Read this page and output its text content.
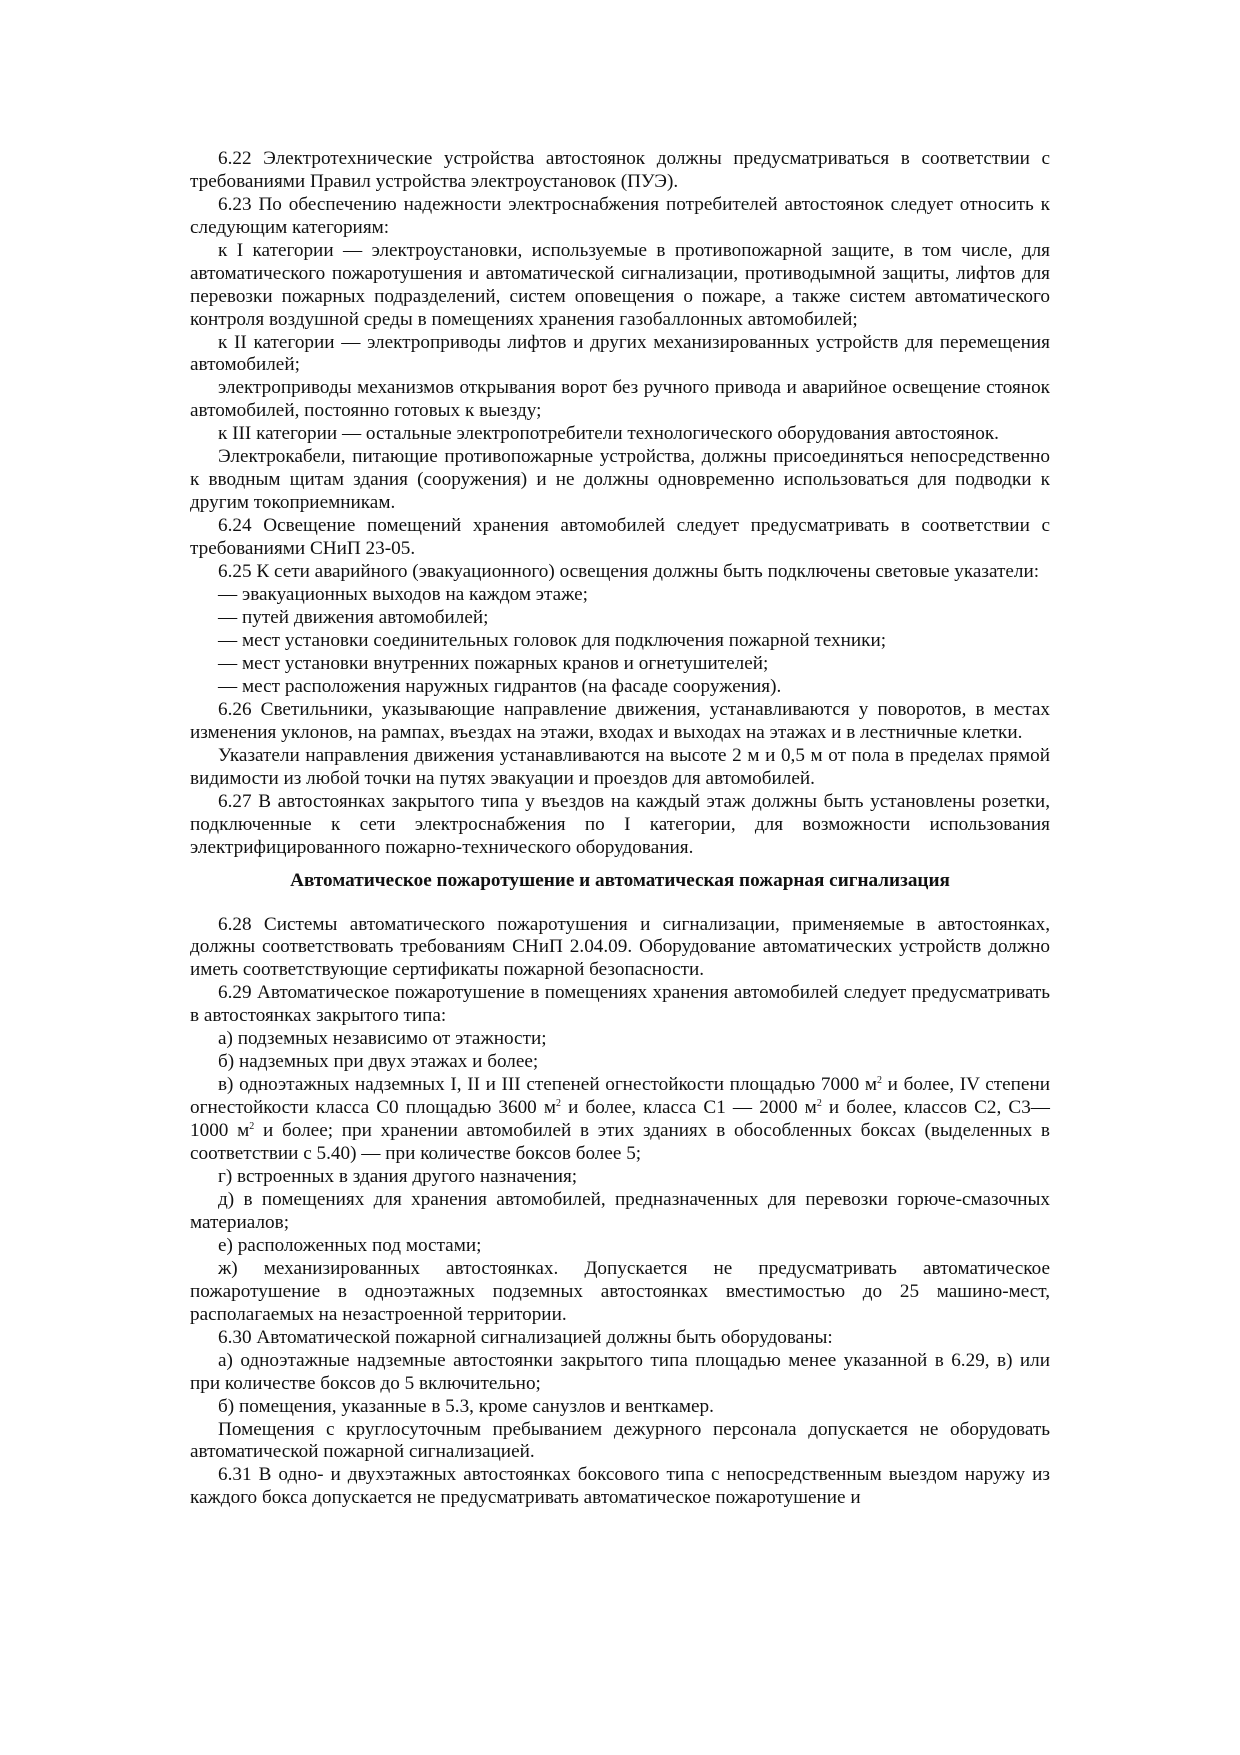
6.22 Электротехнические устройства автостоянок должны предусматриваться в соответствии с требованиями Правил устройства электроустановок (ПУЭ).

6.23 По обеспечению надежности электроснабжения потребителей автостоянок следует относить к следующим категориям:

к I категории — электроустановки, используемые в противопожарной защите, в том числе, для автоматического пожаротушения и автоматической сигнализации, противодымной защиты, лифтов для перевозки пожарных подразделений, систем оповещения о пожаре, а также систем автоматического контроля воздушной среды в помещениях хранения газобаллонных автомобилей;

к II категории — электроприводы лифтов и других механизированных устройств для перемещения автомобилей;

электроприводы механизмов открывания ворот без ручного привода и аварийное освещение стоянок автомобилей, постоянно готовых к выезду;

к III категории — остальные электропотребители технологического оборудования автостоянок.

Электрокабели, питающие противопожарные устройства, должны присоединяться непосредственно к вводным щитам здания (сооружения) и не должны одновременно использоваться для подводки к другим токоприемникам.

6.24 Освещение помещений хранения автомобилей следует предусматривать в соответствии с требованиями СНиП 23-05.

6.25 К сети аварийного (эвакуационного) освещения должны быть подключены световые указатели:

— эвакуационных выходов на каждом этаже;

— путей движения автомобилей;

— мест установки соединительных головок для подключения пожарной техники;

— мест установки внутренних пожарных кранов и огнетушителей;

— мест расположения наружных гидрантов (на фасаде сооружения).

6.26 Светильники, указывающие направление движения, устанавливаются у поворотов, в местах изменения уклонов, на рампах, въездах на этажи, входах и выходах на этажах и в лестничные клетки.

Указатели направления движения устанавливаются на высоте 2 м и 0,5 м от пола в пределах прямой видимости из любой точки на путях эвакуации и проездов для автомобилей.

6.27 В автостоянках закрытого типа у въездов на каждый этаж должны быть установлены розетки, подключенные к сети электроснабжения по I категории, для возможности использования электрифицированного пожарно-технического оборудования.

Автоматическое пожаротушение и автоматическая пожарная сигнализация

6.28 Системы автоматического пожаротушения и сигнализации, применяемые в автостоянках, должны соответствовать требованиям СНиП 2.04.09. Оборудование автоматических устройств должно иметь соответствующие сертификаты пожарной безопасности.

6.29 Автоматическое пожаротушение в помещениях хранения автомобилей следует предусматривать в автостоянках закрытого типа:

а) подземных независимо от этажности;

б) надземных при двух этажах и более;

в) одноэтажных надземных I, II и III степеней огнестойкости площадью 7000 $м^2$ и более, IV степени огнестойкости класса С0 площадью 3600 $м^2$ и более, класса С1 — 2000 $м^2$ и более, классов С2, С3— 1000 $м^2$ и более; при хранении автомобилей в этих зданиях в обособленных боксах (выделенных в соответствии с 5.40) — при количестве боксов более 5;

г) встроенных в здания другого назначения;

д) в помещениях для хранения автомобилей, предназначенных для перевозки горюче-смазочных материалов;

е) расположенных под мостами;

ж) механизированных автостоянках. Допускается не предусматривать автоматическое пожаротушение в одноэтажных подземных автостоянках вместимостью до 25 машино-мест, располагаемых на незастроенной территории.

6.30 Автоматической пожарной сигнализацией должны быть оборудованы:

а) одноэтажные надземные автостоянки закрытого типа площадью менее указанной в 6.29, в) или при количестве боксов до 5 включительно;

б) помещения, указанные в 5.3, кроме санузлов и венткамер.

Помещения с круглосуточным пребыванием дежурного персонала допускается не оборудовать автоматической пожарной сигнализацией.

6.31 В одно- и двухэтажных автостоянках боксового типа с непосредственным выездом наружу из каждого бокса допускается не предусматривать автоматическое пожаротушение и
